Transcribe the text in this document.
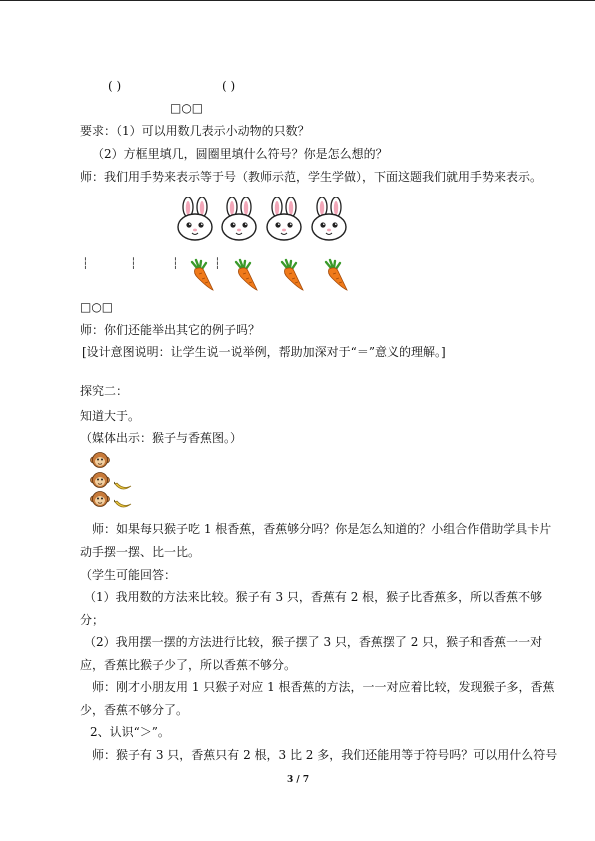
( )	( )
□○□
要求：（1）可以用数几表示小动物的只数？
（2）方框里填几，圆圈里填什么符号？你是怎么想的？
师：我们用手势来表示等于号（教师示范，学生学做），下面这题我们就用手势来表示。
┆	┆	┆	┆
□○□
师：你们还能举出其它的例子吗？
[设计意图说明：让学生说一说举例，帮助加深对于“＝”意义的理解。]
探究二：
知道大于。
（媒体出示：猴子与香蕉图。）
师：如果每只猴子吃 1 根香蕉，香蕉够分吗？你是怎么知道的？小组合作借助学具卡片
动手摆一摆、比一比。
（学生可能回答：
（1）我用数的方法来比较。猴子有 3 只，香蕉有 2 根，猴子比香蕉多，所以香蕉不够
分；
（2）我用摆一摆的方法进行比较，猴子摆了 3 只，香蕉摆了 2 只，猴子和香蕉一一对
应，香蕉比猴子少了，所以香蕉不够分。
师：刚才小朋友用 1 只猴子对应 1 根香蕉的方法，一一对应着比较，发现猴子多，香蕉
少，香蕉不够分了。
2、认识“＞”。
师：猴子有 3 只，香蕉只有 2 根，3 比 2 多，我们还能用等于符号吗？可以用什么符号
3 / 7
